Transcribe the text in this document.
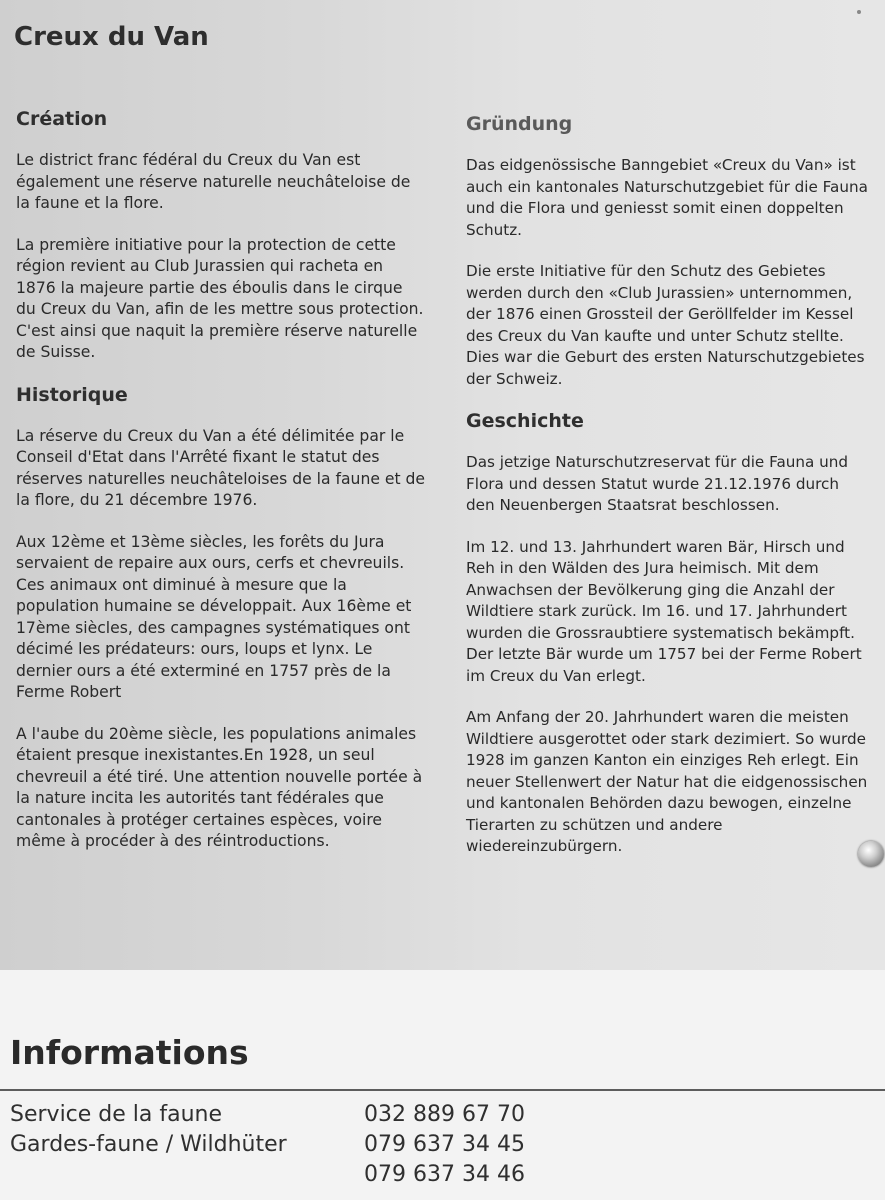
Creux du Van
Création

Le district franc fédéral du Creux du Van est également une réserve naturelle neuchâteloise de la faune et la flore.

La première initiative pour la protection de cette région revient au Club Jurassien qui racheta en 1876 la majeure partie des éboulis dans le cirque du Creux du Van, afin de les mettre sous protection. C'est ainsi que naquit la première réserve naturelle de Suisse.

Historique

La réserve du Creux du Van a été délimitée par le Conseil d'Etat dans l'Arrêté fixant le statut des réserves naturelles neuchâteloises de la faune et de la flore, du 21 décembre 1976.

Aux 12ème et 13ème siècles, les forêts du Jura servaient de repaire aux ours, cerfs et chevreuils. Ces animaux ont diminué à mesure que la population humaine se développait. Aux 16ème et 17ème siècles, des campagnes systématiques ont décimé les prédateurs: ours, loups et lynx. Le dernier ours a été exterminé en 1757 près de la Ferme Robert

A l'aube du 20ème siècle, les populations animales étaient presque inexistantes.En 1928, un seul chevreuil a été tiré. Une attention nouvelle portée à la nature incita les autorités tant fédérales que cantonales à protéger certaines espèces, voire même à procéder à des réintroductions.

Gründung

Das eidgenössische Banngebiet «Creux du Van» ist auch ein kantonales Naturschutzgebiet für die Fauna und die Flora und geniesst somit einen doppelten Schutz.

Die erste Initiative für den Schutz des Gebietes werden durch den «Club Jurassien» unternommen, der 1876 einen Grossteil der Geröllfelder im Kessel des Creux du Van kaufte und unter Schutz stellte. Dies war die Geburt des ersten Naturschutzgebietes der Schweiz.

Geschichte

Das jetzige Naturschutzreservat für die Fauna und Flora und dessen Statut wurde 21.12.1976 durch den Neuenbergen Staatsrat beschlossen.

Im 12. und 13. Jahrhundert waren Bär, Hirsch und Reh in den Wälden des Jura heimisch. Mit dem Anwachsen der Bevölkerung ging die Anzahl der Wildtiere stark zurück. Im 16. und 17. Jahrhundert wurden die Grossraubtiere systematisch bekämpft. Der letzte Bär wurde um 1757 bei der Ferme Robert im Creux du Van erlegt.

Am Anfang der 20. Jahrhundert waren die meisten Wildtiere ausgerottet oder stark dezimiert. So wurde 1928 im ganzen Kanton ein einziges Reh erlegt. Ein neuer Stellenwert der Natur hat die eidgenossischen und kantonalen Behörden dazu bewogen, einzelne Tierarten zu schützen und andere wiedereinzubürgern.

Informations
Service de la faune
Gardes-faune / Wildhüter
032 889 67 70
079 637 34 45
079 637 34 46
